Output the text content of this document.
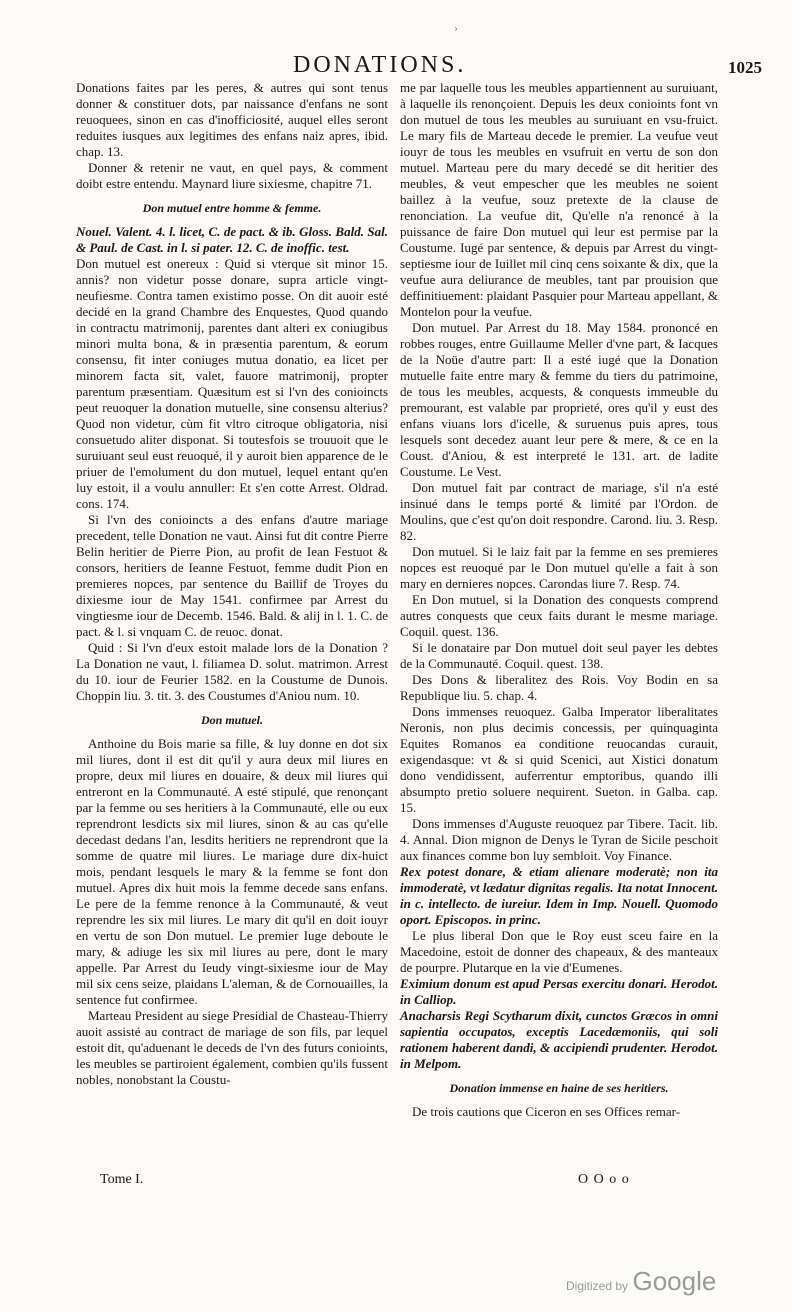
›
DONATIONS.	1025

Donations faites par les peres, & autres qui sont tenus donner & constituer dots, par naissance d'enfans ne sont reuoquees, sinon en cas d'inofficiosité, auquel elles seront reduites iusques aux legitimes des enfans naiz apres, ibid. chap. 13.

Donner & retenir ne vaut, en quel pays, & comment doibt estre entendu. Maynard liure sixiesme, chapitre 71.

Don mutuel entre homme & femme.

Nouel. Valent. 4. l. licet, C. de pact. & ib. Gloss. Bald. Sal. & Paul. de Cast. in l. si pater. 12. C. de inoffic. test.

Don mutuel est onereux : Quid si vterque sit minor 15. annis? non videtur posse donare, supra article vingt-neufiesme. Contra tamen existimo posse. On dit auoir esté decidé en la grand Chambre des Enquestes, Quod quando in contractu matrimonij, parentes dant alteri ex coniugibus minori multa bona, & in præsentia parentum, & eorum consensu, fit inter coniuges mutua donatio, ea licet per minorem facta sit, valet, fauore matrimonij, propter parentum præsentiam. Quæsitum est si l'vn des conioincts peut reuoquer la donation mutuelle, sine consensu alterius? Quod non videtur, cùm fit vltro citroque obligatoria, nisi consuetudo aliter disponat. Si toutesfois se trouuoit que le suruiuant seul eust reuoqué, il y auroit bien apparence de le priuer de l'emolument du don mutuel, lequel entant qu'en luy estoit, il a voulu annuller: Et s'en cotte Arrest. Oldrad. cons. 174.

Si l'vn des conioincts a des enfans d'autre mariage precedent, telle Donation ne vaut. Ainsi fut dit contre Pierre Belin heritier de Pierre Pion, au profit de Iean Festuot & consors, heritiers de Ieanne Festuot, femme dudit Pion en premieres nopces, par sentence du Baillif de Troyes du dixiesme iour de May 1541. confirmee par Arrest du vingtiesme iour de Decemb. 1546. Bald. & alij in l. 1. C. de pact. & l. si vnquam C. de reuoc. donat.

Quid : Si l'vn d'eux estoit malade lors de la Donation ? La Donation ne vaut, l. filiamea D. solut. matrimon. Arrest du 10. iour de Feurier 1582. en la Coustume de Dunois. Choppin liu. 3. tit. 3. des Coustumes d'Aniou num. 10.

Don mutuel.

Anthoine du Bois marie sa fille, & luy donne en dot six mil liures, dont il est dit qu'il y aura deux mil liures en propre, deux mil liures en douaire, & deux mil liures qui entreront en la Communauté. A esté stipulé, que renonçant par la femme ou ses heritiers à la Communauté, elle ou eux reprendront lesdicts six mil liures, sinon & au cas qu'elle decedast dedans l'an, lesdits heritiers ne reprendront que la somme de quatre mil liures. Le mariage dure dix-huict mois, pendant lesquels le mary & la femme se font don mutuel. Apres dix huit mois la femme decede sans enfans. Le pere de la femme renonce à la Communauté, & veut reprendre les six mil liures. Le mary dit qu'il en doit iouyr en vertu de son Don mutuel. Le premier Iuge deboute le mary, & adiuge les six mil liures au pere, dont le mary appelle. Par Arrest du Ieudy vingt-sixiesme iour de May mil six cens seize, plaidans L'aleman, & de Cornouailles, la sentence fut confirmee.

Marteau President au siege Presidial de Chasteau-Thierry auoit assisté au contract de mariage de son fils, par lequel estoit dit, qu'aduenant le deceds de l'vn des futurs conioints, les meubles se partiroient également, combien qu'ils fussent nobles, nonobstant la Coustu-

me par laquelle tous les meubles appartiennent au suruiuant, à laquelle ils renonçoient. Depuis les deux conioints font vn don mutuel de tous les meubles au suruiuant en vsu-fruict. Le mary fils de Marteau decede le premier. La veufue veut iouyr de tous les meubles en vsufruit en vertu de son don mutuel. Marteau pere du mary decedé se dit heritier des meubles, & veut empescher que les meubles ne soient baillez à la veufue, souz pretexte de la clause de renonciation. La veufue dit, Qu'elle n'a renoncé à la puissance de faire Don mutuel qui leur est permise par la Coustume. Iugé par sentence, & depuis par Arrest du vingt-septiesme iour de Iuillet mil cinq cens soixante & dix, que la veufue aura deliurance de meubles, tant par prouision que deffinitiuement: plaidant Pasquier pour Marteau appellant, & Montelon pour la veufue.

Don mutuel. Par Arrest du 18. May 1584. prononcé en robbes rouges, entre Guillaume Meller d'vne part, & Iacques de la Noüe d'autre part: Il a esté iugé que la Donation mutuelle faite entre mary & femme du tiers du patrimoine, de tous les meubles, acquests, & conquests immeuble du premourant, est valable par proprieté, ores qu'il y eust des enfans viuans lors d'icelle, & suruenus puis apres, tous lesquels sont decedez auant leur pere & mere, & ce en la Coust. d'Aniou, & est interpreté le 131. art. de ladite Coustume. Le Vest.

Don mutuel fait par contract de mariage, s'il n'a esté insinué dans le temps porté & limité par l'Ordon. de Moulins, que c'est qu'on doit respondre. Carond. liu. 3. Resp. 82.

Don mutuel. Si le laiz fait par la femme en ses premieres nopces est reuoqué par le Don mutuel qu'elle a fait à son mary en dernieres nopces. Carondas liure 7. Resp. 74.

En Don mutuel, si la Donation des conquests comprend autres conquests que ceux faits durant le mesme mariage. Coquil. quest. 136.

Si le donataire par Don mutuel doit seul payer les debtes de la Communauté. Coquil. quest. 138.

Des Dons & liberalitez des Rois. Voy Bodin en sa Republique liu. 5. chap. 4.

Dons immenses reuoquez. Galba Imperator liberalitates Neronis, non plus decimis concessis, per quinquaginta Equites Romanos ea conditione reuocandas curauit, exigendasque: vt & si quid Scenici, aut Xistici donatum dono vendidissent, auferrentur emptoribus, quando illi absumpto pretio soluere nequirent. Sueton. in Galba. cap. 15.

Dons immenses d'Auguste reuoquez par Tibere. Tacit. lib. 4. Annal. Dion mignon de Denys le Tyran de Sicile peschoit aux finances comme bon luy sembloit. Voy Finance.

Rex potest donare, & etiam alienare moderatè; non ita immoderatè, vt lædatur dignitas regalis. Ita notat Innocent. in c. intellecto. de iureiur. Idem in Imp. Nouell. Quomodo oport. Episcopos. in princ.

Le plus liberal Don que le Roy eust sceu faire en la Macedoine, estoit de donner des chapeaux, & des manteaux de pourpre. Plutarque en la vie d'Eumenes.

Eximium donum est apud Persas exercitu donari. Herodot. in Calliop.

Anacharsis Regi Scytharum dixit, cunctos Græcos in omni sapientia occupatos, exceptis Lacedæmoniis, qui soli rationem haberent dandi, & accipiendi prudenter. Herodot. in Melpom.

Donation immense en haine de ses heritiers.

De trois cautions que Ciceron en ses Offices remar-

Tome I.	O O o o
Digitized by Google
